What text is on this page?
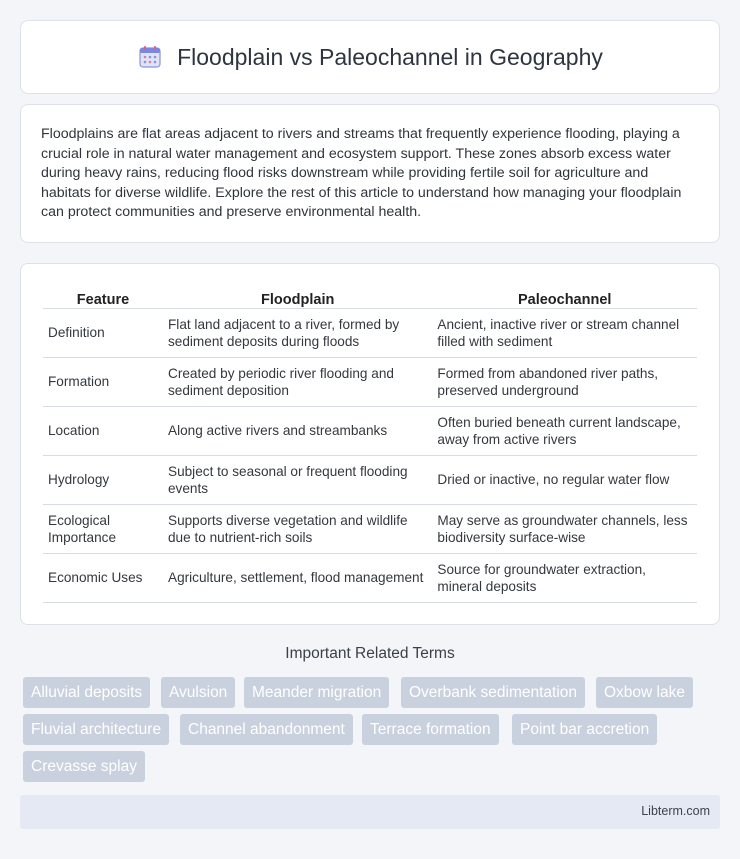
Floodplain vs Paleochannel in Geography

Floodplains are flat areas adjacent to rivers and streams that frequently experience flooding, playing a crucial role in natural water management and ecosystem support. These zones absorb excess water during heavy rains, reducing flood risks downstream while providing fertile soil for agriculture and habitats for diverse wildlife. Explore the rest of this article to understand how managing your floodplain can protect communities and preserve environmental health.

Feature	Floodplain	Paleochannel
Definition	Flat land adjacent to a river, formed by sediment deposits during floods	Ancient, inactive river or stream channel filled with sediment
Formation	Created by periodic river flooding and sediment deposition	Formed from abandoned river paths, preserved underground
Location	Along active rivers and streambanks	Often buried beneath current landscape, away from active rivers
Hydrology	Subject to seasonal or frequent flooding events	Dried or inactive, no regular water flow
Ecological Importance	Supports diverse vegetation and wildlife due to nutrient-rich soils	May serve as groundwater channels, less biodiversity surface-wise
Economic Uses	Agriculture, settlement, flood management	Source for groundwater extraction, mineral deposits
Important Related Terms
Alluvial deposits	Avulsion	Meander migration	Overbank sedimentation	Oxbow lake
Fluvial architecture	Channel abandonment	Terrace formation	Point bar accretion
Crevasse splay
Libterm.com
